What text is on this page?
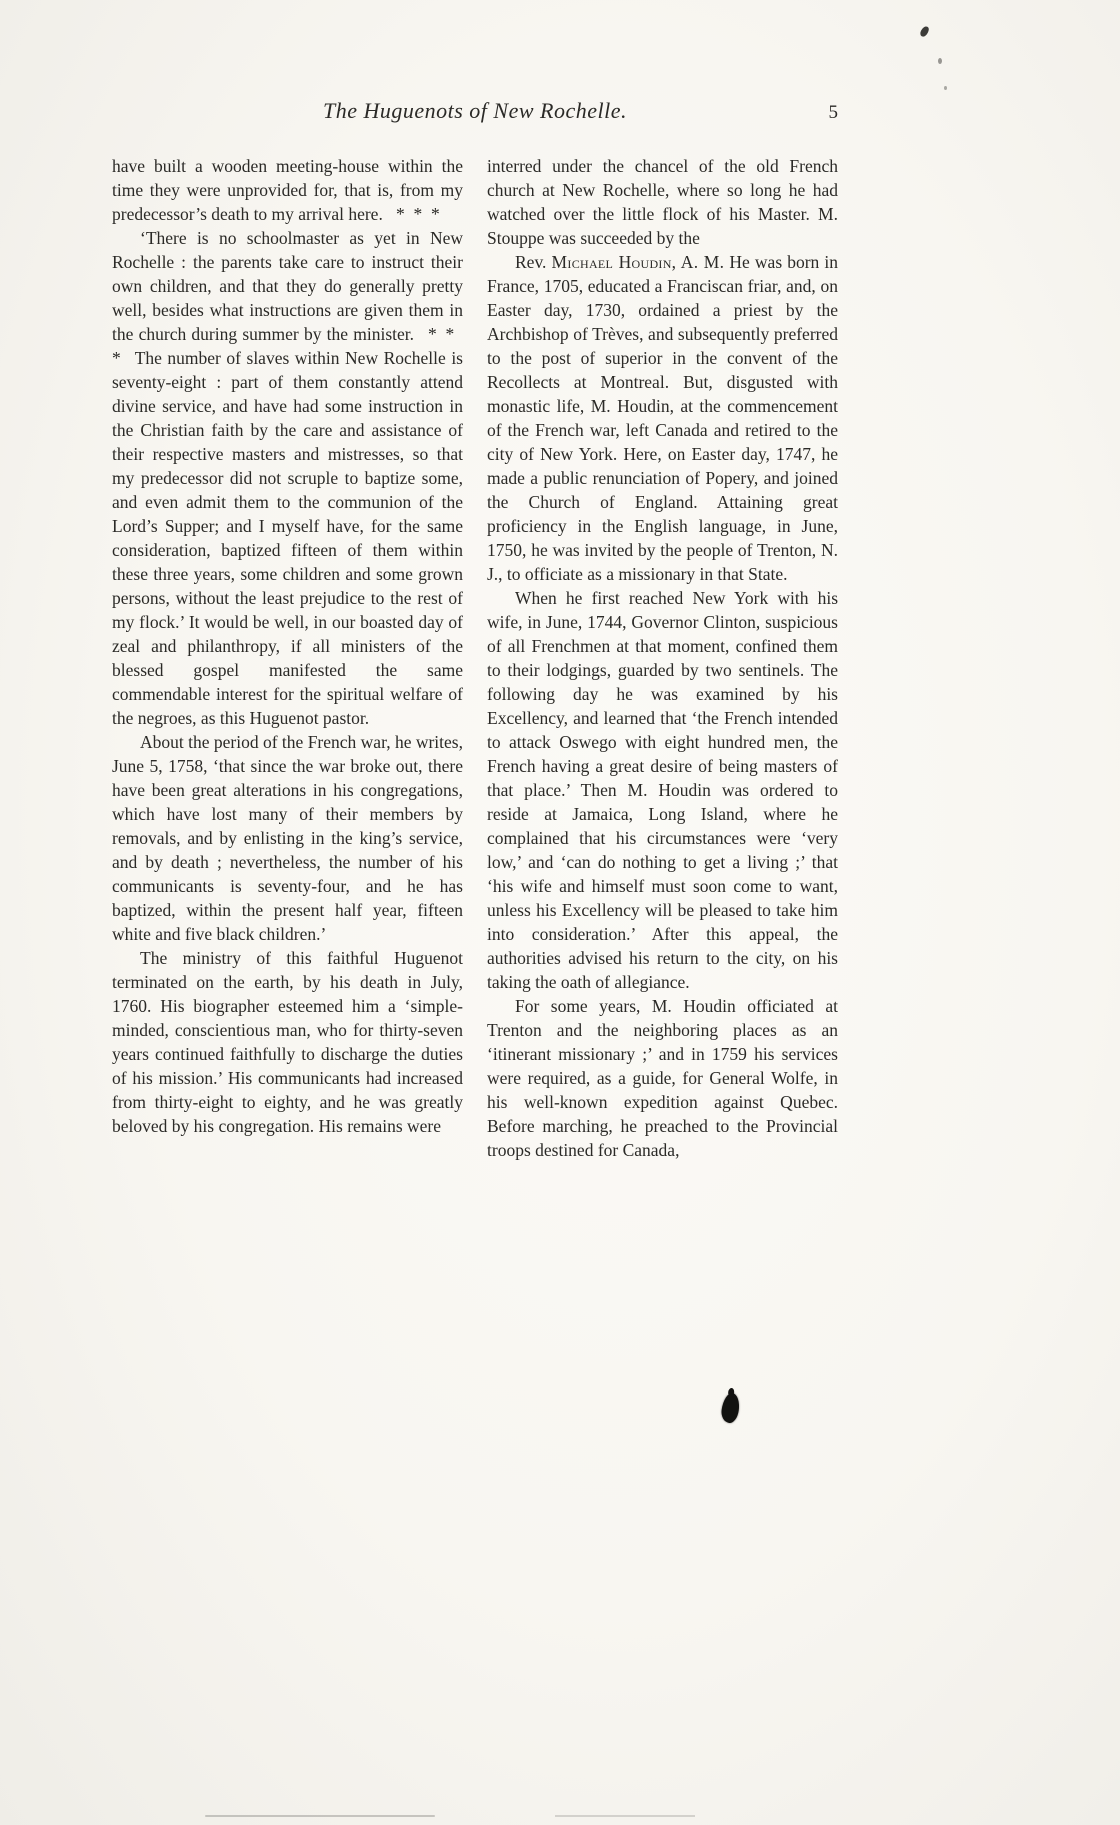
The Huguenots of New Rochelle.	5

have built a wooden meeting-house within the time they were unprovided for, that is, from my predecessor’s death to my arrival here.  * * *

‘There is no schoolmaster as yet in New Rochelle : the parents take care to instruct their own children, and that they do generally pretty well, besides what instructions are given them in the church during summer by the minister.  * * *  The number of slaves within New Rochelle is seventy-eight : part of them constantly attend divine service, and have had some instruction in the Christian faith by the care and assistance of their respective masters and mistresses, so that my predecessor did not scruple to baptize some, and even admit them to the communion of the Lord’s Supper; and I myself have, for the same consideration, baptized fifteen of them within these three years, some children and some grown persons, without the least prejudice to the rest of my flock.’ It would be well, in our boasted day of zeal and philanthropy, if all ministers of the blessed gospel manifested the same commendable interest for the spiritual welfare of the negroes, as this Huguenot pastor.

About the period of the French war, he writes, June 5, 1758, ‘that since the war broke out, there have been great alterations in his congregations, which have lost many of their members by removals, and by enlisting in the king’s service, and by death ; nevertheless, the number of his communicants is seventy-four, and he has baptized, within the present half year, fifteen white and five black children.’

The ministry of this faithful Huguenot terminated on the earth, by his death in July, 1760. His biographer esteemed him a ‘simple-minded, conscientious man, who for thirty-seven years continued faithfully to discharge the duties of his mission.’ His communicants had increased from thirty-eight to eighty, and he was greatly beloved by his congregation. His remains were

interred under the chancel of the old French church at New Rochelle, where so long he had watched over the little flock of his Master. M. Stouppe was succeeded by the

Rev. Michael Houdin, A. M. He was born in France, 1705, educated a Franciscan friar, and, on Easter day, 1730, ordained a priest by the Archbishop of Trèves, and subsequently preferred to the post of superior in the convent of the Recollects at Montreal. But, disgusted with monastic life, M. Houdin, at the commencement of the French war, left Canada and retired to the city of New York. Here, on Easter day, 1747, he made a public renunciation of Popery, and joined the Church of England. Attaining great proficiency in the English language, in June, 1750, he was invited by the people of Trenton, N. J., to officiate as a missionary in that State.

When he first reached New York with his wife, in June, 1744, Governor Clinton, suspicious of all Frenchmen at that moment, confined them to their lodgings, guarded by two sentinels. The following day he was examined by his Excellency, and learned that ‘the French intended to attack Oswego with eight hundred men, the French having a great desire of being masters of that place.’ Then M. Houdin was ordered to reside at Jamaica, Long Island, where he complained that his circumstances were ‘very low,’ and ‘can do nothing to get a living ;’ that ‘his wife and himself must soon come to want, unless his Excellency will be pleased to take him into consideration.’ After this appeal, the authorities advised his return to the city, on his taking the oath of allegiance.

For some years, M. Houdin officiated at Trenton and the neighboring places as an ‘itinerant missionary ;’ and in 1759 his services were required, as a guide, for General Wolfe, in his well-known expedition against Quebec. Before marching, he preached to the Provincial troops destined for Canada,
